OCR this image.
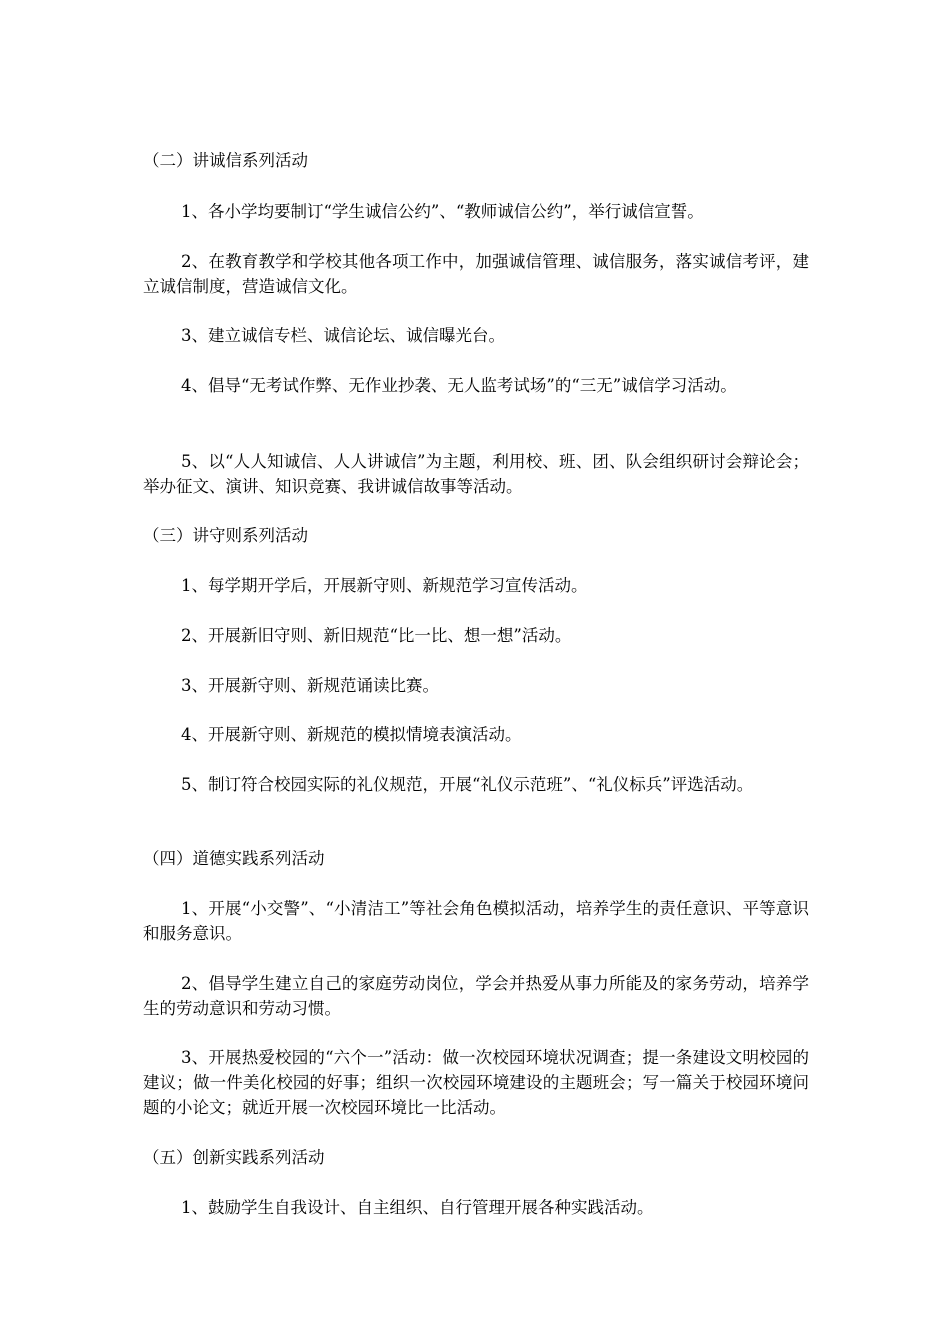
（二）讲诚信系列活动

1、各小学均要制订“学生诚信公约”、“教师诚信公约”，举行诚信宣誓。

2、在教育教学和学校其他各项工作中，加强诚信管理、诚信服务，落实诚信考评，建立诚信制度，营造诚信文化。

3、建立诚信专栏、诚信论坛、诚信曝光台。

4、倡导“无考试作弊、无作业抄袭、无人监考试场”的“三无”诚信学习活动。

5、以“人人知诚信、人人讲诚信”为主题，利用校、班、团、队会组织研讨会辩论会；举办征文、演讲、知识竞赛、我讲诚信故事等活动。

（三）讲守则系列活动

1、每学期开学后，开展新守则、新规范学习宣传活动。

2、开展新旧守则、新旧规范“比一比、想一想”活动。

3、开展新守则、新规范诵读比赛。

4、开展新守则、新规范的模拟情境表演活动。

5、制订符合校园实际的礼仪规范，开展“礼仪示范班”、“礼仪标兵”评选活动。

（四）道德实践系列活动

1、开展“小交警”、“小清洁工”等社会角色模拟活动，培养学生的责任意识、平等意识和服务意识。

2、倡导学生建立自己的家庭劳动岗位，学会并热爱从事力所能及的家务劳动，培养学生的劳动意识和劳动习惯。

3、开展热爱校园的“六个一”活动：做一次校园环境状况调查；提一条建设文明校园的建议；做一件美化校园的好事；组织一次校园环境建设的主题班会；写一篇关于校园环境问题的小论文；就近开展一次校园环境比一比活动。

（五）创新实践系列活动

1、鼓励学生自我设计、自主组织、自行管理开展各种实践活动。
